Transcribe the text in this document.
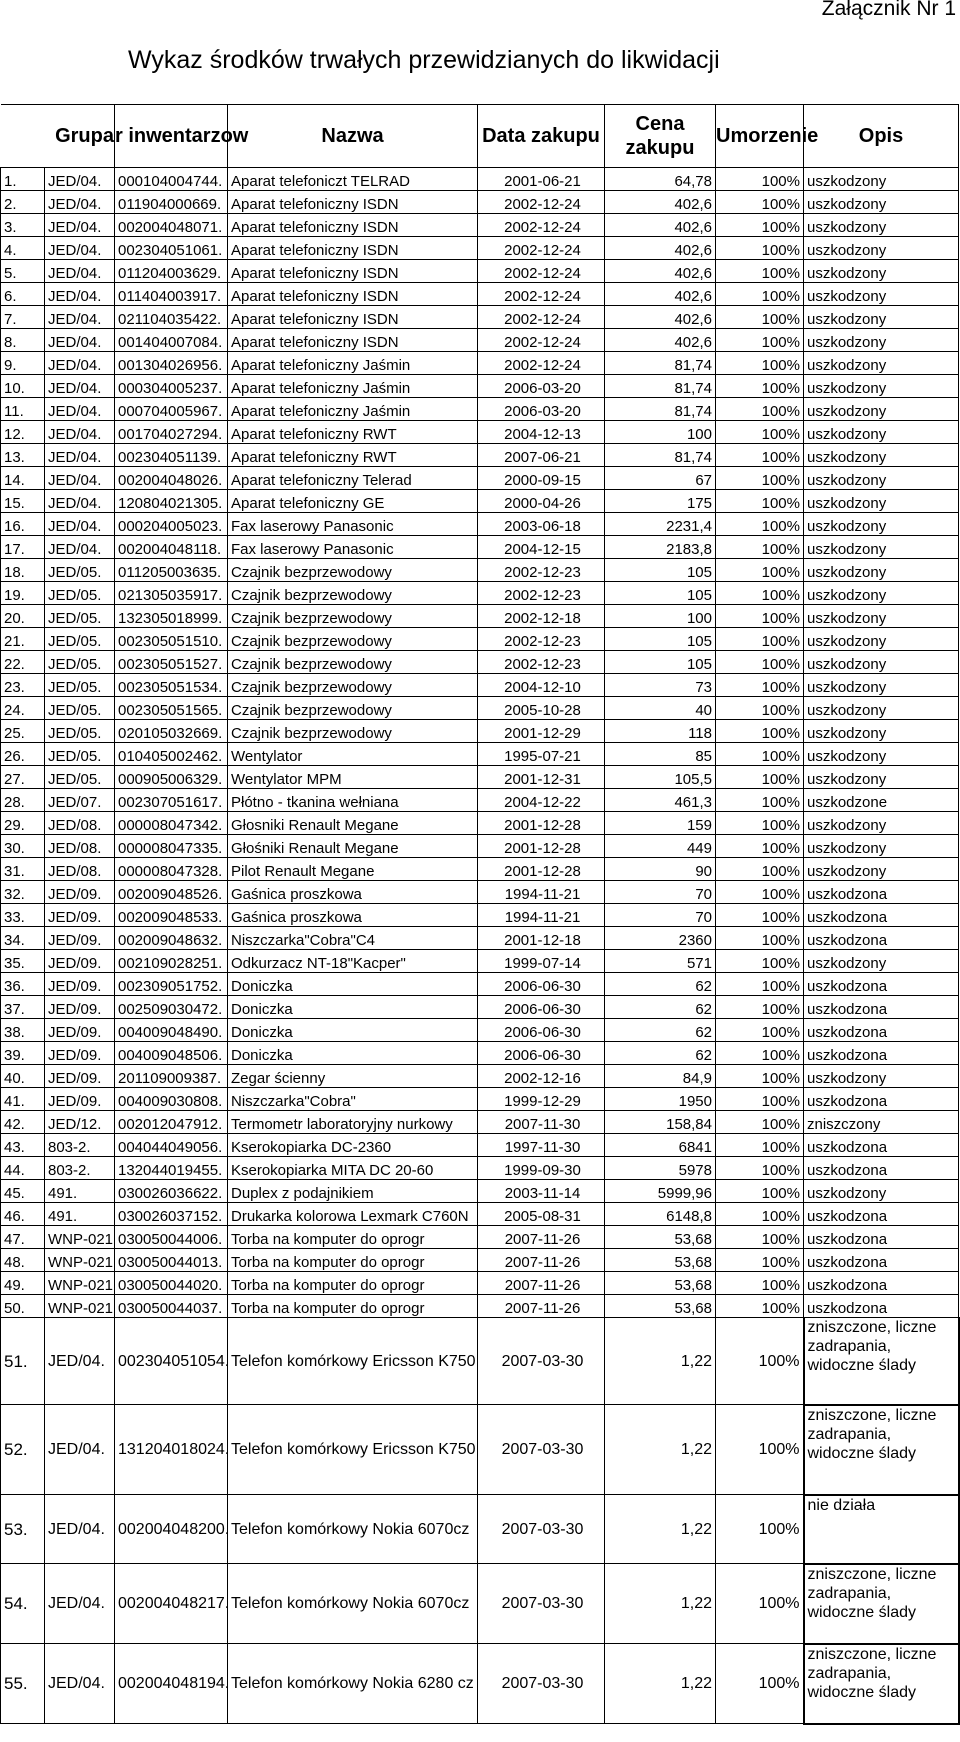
Załącznik Nr 1
Wykaz środków trwałych przewidzianych do likwidacji
	Grupa	r inwentarzow	Nazwa	Data zakupu	Cena
zakupu	Umorzenie	Opis
1.	JED/04.	000104004744.	Aparat telefoniczt TELRAD	2001-06-21	64,78	100%	uszkodzony
2.	JED/04.	011904000669.	Aparat telefoniczny ISDN	2002-12-24	402,6	100%	uszkodzony
3.	JED/04.	002004048071.	Aparat telefoniczny ISDN	2002-12-24	402,6	100%	uszkodzony
4.	JED/04.	002304051061.	Aparat telefoniczny ISDN	2002-12-24	402,6	100%	uszkodzony
5.	JED/04.	011204003629.	Aparat telefoniczny ISDN	2002-12-24	402,6	100%	uszkodzony
6.	JED/04.	011404003917.	Aparat telefoniczny ISDN	2002-12-24	402,6	100%	uszkodzony
7.	JED/04.	021104035422.	Aparat telefoniczny ISDN	2002-12-24	402,6	100%	uszkodzony
8.	JED/04.	001404007084.	Aparat telefoniczny ISDN	2002-12-24	402,6	100%	uszkodzony
9.	JED/04.	001304026956.	Aparat telefoniczny Jaśmin	2002-12-24	81,74	100%	uszkodzony
10.	JED/04.	000304005237.	Aparat telefoniczny Jaśmin	2006-03-20	81,74	100%	uszkodzony
11.	JED/04.	000704005967.	Aparat telefoniczny Jaśmin	2006-03-20	81,74	100%	uszkodzony
12.	JED/04.	001704027294.	Aparat telefoniczny RWT	2004-12-13	100	100%	uszkodzony
13.	JED/04.	002304051139.	Aparat telefoniczny RWT	2007-06-21	81,74	100%	uszkodzony
14.	JED/04.	002004048026.	Aparat telefoniczny Telerad	2000-09-15	67	100%	uszkodzony
15.	JED/04.	120804021305.	Aparat telefoniczny GE	2000-04-26	175	100%	uszkodzony
16.	JED/04.	000204005023.	Fax laserowy Panasonic	2003-06-18	2231,4	100%	uszkodzony
17.	JED/04.	002004048118.	Fax laserowy Panasonic	2004-12-15	2183,8	100%	uszkodzony
18.	JED/05.	011205003635.	Czajnik bezprzewodowy	2002-12-23	105	100%	uszkodzony
19.	JED/05.	021305035917.	Czajnik bezprzewodowy	2002-12-23	105	100%	uszkodzony
20.	JED/05.	132305018999.	Czajnik bezprzewodowy	2002-12-18	100	100%	uszkodzony
21.	JED/05.	002305051510.	Czajnik bezprzewodowy	2002-12-23	105	100%	uszkodzony
22.	JED/05.	002305051527.	Czajnik bezprzewodowy	2002-12-23	105	100%	uszkodzony
23.	JED/05.	002305051534.	Czajnik bezprzewodowy	2004-12-10	73	100%	uszkodzony
24.	JED/05.	002305051565.	Czajnik bezprzewodowy	2005-10-28	40	100%	uszkodzony
25.	JED/05.	020105032669.	Czajnik bezprzewodowy	2001-12-29	118	100%	uszkodzony
26.	JED/05.	010405002462.	Wentylator	1995-07-21	85	100%	uszkodzony
27.	JED/05.	000905006329.	Wentylator MPM	2001-12-31	105,5	100%	uszkodzony
28.	JED/07.	002307051617.	Płótno - tkanina wełniana	2004-12-22	461,3	100%	uszkodzone
29.	JED/08.	000008047342.	Głosniki Renault Megane	2001-12-28	159	100%	uszkodzony
30.	JED/08.	000008047335.	Głośniki Renault Megane	2001-12-28	449	100%	uszkodzony
31.	JED/08.	000008047328.	Pilot Renault Megane	2001-12-28	90	100%	uszkodzony
32.	JED/09.	002009048526.	Gaśnica proszkowa	1994-11-21	70	100%	uszkodzona
33.	JED/09.	002009048533.	Gaśnica proszkowa	1994-11-21	70	100%	uszkodzona
34.	JED/09.	002009048632.	Niszczarka"Cobra"C4	2001-12-18	2360	100%	uszkodzona
35.	JED/09.	002109028251.	Odkurzacz NT-18"Kacper"	1999-07-14	571	100%	uszkodzony
36.	JED/09.	002309051752.	Doniczka	2006-06-30	62	100%	uszkodzona
37.	JED/09.	002509030472.	Doniczka	2006-06-30	62	100%	uszkodzona
38.	JED/09.	004009048490.	Doniczka	2006-06-30	62	100%	uszkodzona
39.	JED/09.	004009048506.	Doniczka	2006-06-30	62	100%	uszkodzona
40.	JED/09.	201109009387.	Zegar ścienny	2002-12-16	84,9	100%	uszkodzony
41.	JED/09.	004009030808.	Niszczarka"Cobra"	1999-12-29	1950	100%	uszkodzona
42.	JED/12.	002012047912.	Termometr laboratoryjny nurkowy	2007-11-30	158,84	100%	zniszczony
43.	803-2.	004044049056.	Kserokopiarka DC-2360	1997-11-30	6841	100%	uszkodzona
44.	803-2.	132044019455.	Kserokopiarka MITA DC 20-60	1999-09-30	5978	100%	uszkodzona
45.	491.	030026036622.	Duplex z podajnikiem	2003-11-14	5999,96	100%	uszkodzony
46.	491.	030026037152.	Drukarka kolorowa Lexmark C760N	2005-08-31	6148,8	100%	uszkodzona
47.	WNP-021	030050044006.	Torba na komputer do oprogr	2007-11-26	53,68	100%	uszkodzona
48.	WNP-021	030050044013.	Torba na komputer do oprogr	2007-11-26	53,68	100%	uszkodzona
49.	WNP-021	030050044020.	Torba na komputer do oprogr	2007-11-26	53,68	100%	uszkodzona
50.	WNP-021	030050044037.	Torba na komputer do oprogr	2007-11-26	53,68	100%	uszkodzona
51.	JED/04.	002304051054.	Telefon komórkowy Ericsson K750	2007-03-30	1,22	100%	zniszczone, liczne zadrapania, widoczne ślady
52.	JED/04.	131204018024.	Telefon komórkowy Ericsson K750	2007-03-30	1,22	100%	zniszczone, liczne zadrapania, widoczne ślady
53.	JED/04.	002004048200.	Telefon komórkowy Nokia 6070cz	2007-03-30	1,22	100%	nie działa
54.	JED/04.	002004048217.	Telefon komórkowy Nokia 6070cz	2007-03-30	1,22	100%	zniszczone, liczne zadrapania, widoczne ślady
55.	JED/04.	002004048194.	Telefon komórkowy Nokia 6280 cz	2007-03-30	1,22	100%	zniszczone, liczne zadrapania, widoczne ślady
